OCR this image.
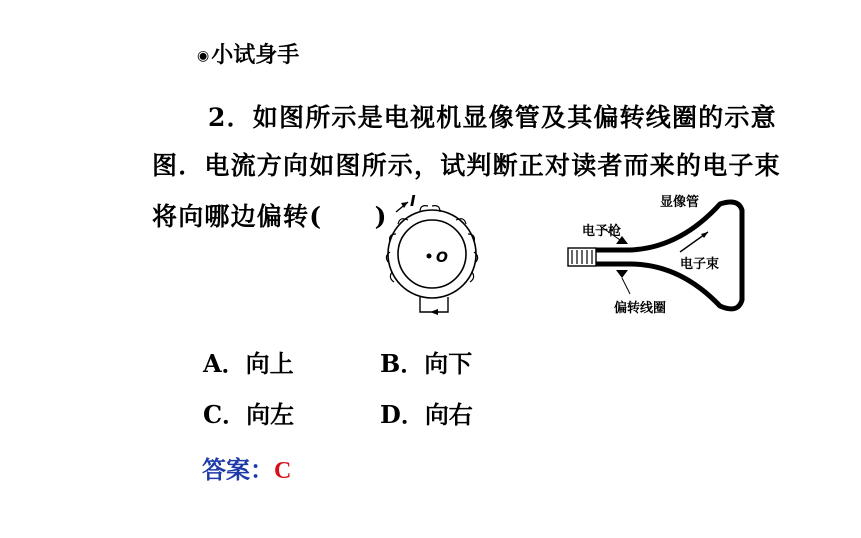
◉小试身手
2．如图所示是电视机显像管及其偏转线圈的示意
图．电流方向如图所示，试判断正对读者而来的电子束
将向哪边偏转(　　)
I
O
显像管
电子枪
电子束
偏转线圈
A．向上	B．向下
C．向左	D．向右
答案：C
